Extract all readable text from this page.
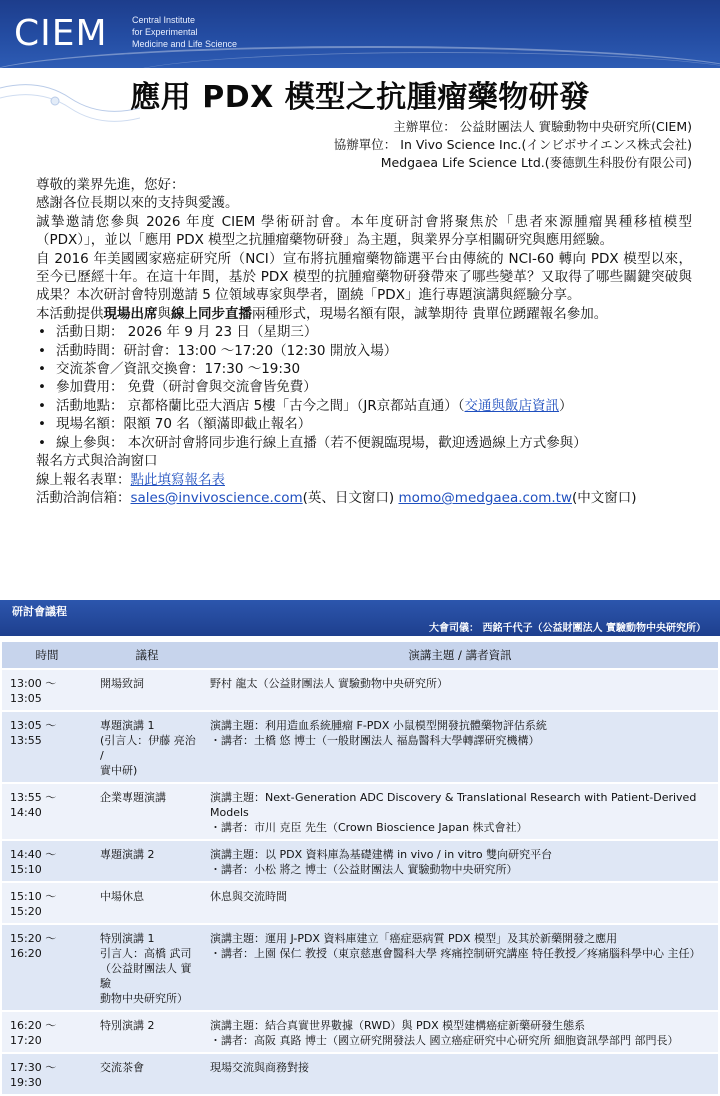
CIEM	Central Institute
for Experimental
Medicine and Life Science
應用 PDX 模型之抗腫瘤藥物研發
主辦單位： 公益財團法人 實驗動物中央研究所(CIEM)
協辦單位： In Vivo Science Inc.(インビボサイエンス株式会社)
Medgaea Life Science Ltd.(麥德凱生科股份有限公司)

尊敬的業界先進，您好：

感謝各位長期以來的支持與愛護。

誠摯邀請您參與 2026 年度 CIEM 學術研討會。本年度研討會將聚焦於「患者來源腫瘤異種移植模型（PDX）」，並以「應用 PDX 模型之抗腫瘤藥物研發」為主題，與業界分享相關研究與應用經驗。

自 2016 年美國國家癌症研究所（NCI）宣布將抗腫瘤藥物篩選平台由傳統的 NCI-60 轉向 PDX 模型以來，至今已歷經十年。在這十年間，基於 PDX 模型的抗腫瘤藥物研發帶來了哪些變革？又取得了哪些關鍵突破與成果？本次研討會特別邀請 5 位領域專家與學者，圍繞「PDX」進行專題演講與經驗分享。

本活動提供現場出席與線上同步直播兩種形式，現場名額有限，誠摯期待 貴單位踴躍報名參加。

• 活動日期： 2026 年 9 月 23 日（星期三）
• 活動時間：研討會：13:00 ～17:20（12:30 開放入場）
• 交流茶會／資訊交換會：17:30 ～19:30
• 參加費用： 免費（研討會與交流會皆免費）
• 活動地點： 京都格蘭比亞大酒店 5樓「古今之間」（JR京都站直通）（交通與飯店資訊）
• 現場名額：限額 70 名（額滿即截止報名）
• 線上參與： 本次研討會將同步進行線上直播（若不便親臨現場，歡迎透過線上方式參與）

報名方式與洽詢窗口

線上報名表單：點此填寫報名表

活動洽詢信箱：sales@invivoscience.com(英、日文窗口) momo@medgaea.com.tw(中文窗口)

研討會議程
大會司儀： 西銘千代子（公益財團法人 實驗動物中央研究所）
時間	議程	演講主題 / 講者資訊
13:00 ～ 13:05	開場致詞	野村 龍太（公益財團法人 實驗動物中央研究所）

13:05 ～ 13:55	專題演講 1
(引言人：伊藤 亮治 /
實中研)	演講主題：利用造血系統腫瘤 F-PDX 小鼠模型開發抗體藥物評估系統
・講者：土橋 悠 博士（一般財團法人 福島醫科大學轉譯研究機構）

13:55 ～ 14:40	企業專題演講	演講主題：Next-Generation ADC Discovery & Translational Research with Patient-Derived Models
・講者：市川 克臣 先生（Crown Bioscience Japan 株式會社）

14:40 ～ 15:10	專題演講 2	演講主題：以 PDX 資料庫為基礎建構 in vivo / in vitro 雙向研究平台
・講者：小松 將之 博士（公益財團法人 實驗動物中央研究所）

15:10 ～ 15:20	中場休息	休息與交流時間

15:20 ～ 16:20	特別演講 1
引言人：高橋 武司
（公益財團法人 實驗
動物中央研究所）	演講主題：運用 J-PDX 資料庫建立「癌症惡病質 PDX 模型」及其於新藥開發之應用
・講者：上園 保仁 教授（東京慈惠會醫科大學 疼痛控制研究講座 特任教授／疼痛腦科學中心 主任）

16:20 ～ 17:20	特別演講 2	演講主題：結合真實世界數據（RWD）與 PDX 模型建構癌症新藥研發生態系
・講者：高阪 真路 博士（國立研究開發法人 國立癌症研究中心研究所 細胞資訊學部門 部門長）

17:30 ～ 19:30	交流茶會	現場交流與商務對接
